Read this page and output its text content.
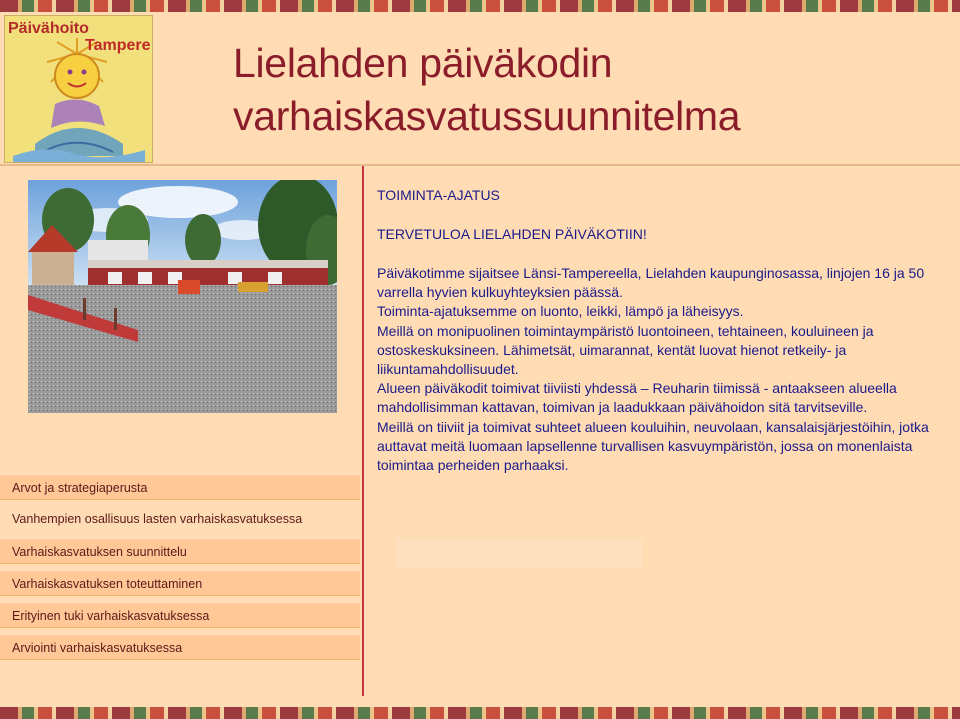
Päivähoito
Tampere Lielahden päiväkodin
varhaiskasvatussuunnitelma
Arvot ja strategiaperusta
Vanhempien osallisuus lasten varhaiskasvatuksessa
Varhaiskasvatuksen suunnittelu
Varhaiskasvatuksen toteuttaminen
Erityinen tuki varhaiskasvatuksessa
Arviointi varhaiskasvatuksessa
TOIMINTA-AJATUS
TERVETULOA LIELAHDEN PÄIVÄKOTIIN!

Päiväkotimme sijaitsee Länsi-Tampereella, Lielahden kaupunginosassa, linjojen 16 ja 50 varrella hyvien kulkuyhteyksien päässä.

Toiminta-ajatuksemme on luonto, leikki, lämpö ja läheisyys.

Meillä on monipuolinen toimintaympäristö luontoineen, tehtaineen, kouluineen ja ostoskeskuksineen. Lähimetsät, uimarannat, kentät luovat hienot retkeily- ja liikuntamahdollisuudet.

Alueen päiväkodit toimivat tiiviisti yhdessä – Reuharin tiimissä - antaakseen alueella mahdollisimman kattavan, toimivan ja laadukkaan päivähoidon sitä tarvitseville.

Meillä on tiiviit ja toimivat suhteet alueen kouluihin, neuvolaan, kansalaisjärjestöihin, jotka auttavat meitä luomaan lapsellenne turvallisen kasvuympäristön, jossa on monenlaista toimintaa perheiden parhaaksi.
